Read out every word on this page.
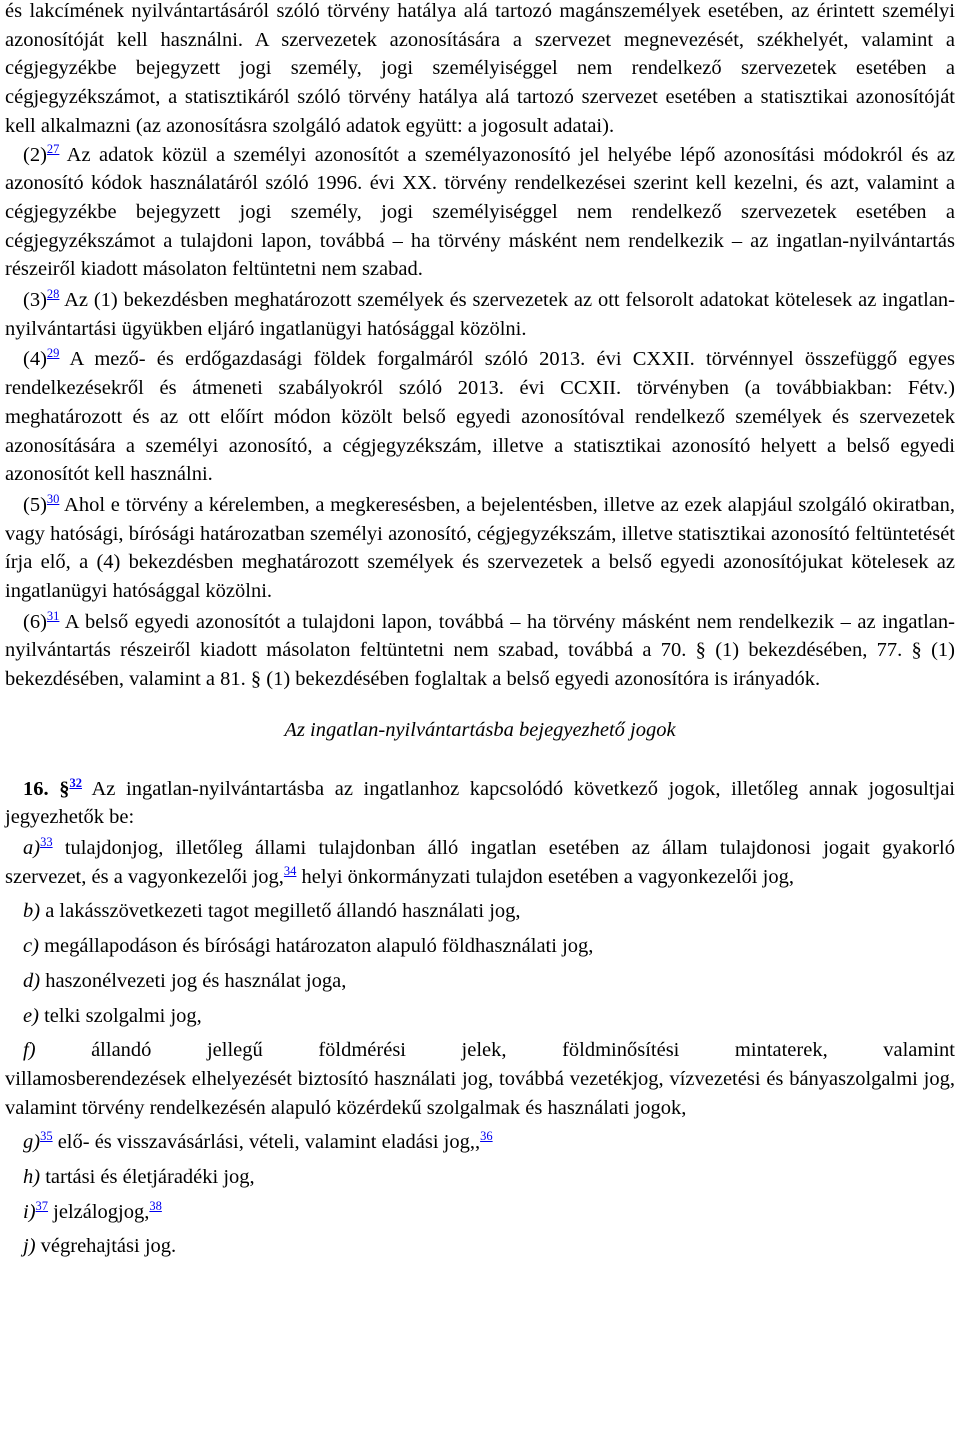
és lakcímének nyilvántartásáról szóló törvény hatálya alá tartozó magánszemélyek esetében, az érintett személyi azonosítóját kell használni. A szervezetek azonosítására a szervezet megnevezését, székhelyét, valamint a cégjegyzékbe bejegyzett jogi személy, jogi személyiséggel nem rendelkező szervezetek esetében a cégjegyzékszámot, a statisztikáról szóló törvény hatálya alá tartozó szervezet esetében a statisztikai azonosítóját kell alkalmazni (az azonosításra szolgáló adatok együtt: a jogosult adatai).

$(2)^{27}$ Az adatok közül a személyi azonosítót a személyazonosító jel helyébe lépő azonosítási módokról és az azonosító kódok használatáról szóló 1996. évi XX. törvény rendelkezései szerint kell kezelni, és azt, valamint a cégjegyzékbe bejegyzett jogi személy, jogi személyiséggel nem rendelkező szervezetek esetében a cégjegyzékszámot a tulajdoni lapon, továbbá – ha törvény másként nem rendelkezik – az ingatlan-nyilvántartás részeiről kiadott másolaton feltüntetni nem szabad.

$(3)^{28}$ Az (1) bekezdésben meghatározott személyek és szervezetek az ott felsorolt adatokat kötelesek az ingatlan-nyilvántartási ügyükben eljáró ingatlanügyi hatósággal közölni.

$(4)^{29}$ A mező- és erdőgazdasági földek forgalmáról szóló 2013. évi CXXII. törvénnyel összefüggő egyes rendelkezésekről és átmeneti szabályokról szóló 2013. évi CCXII. törvényben (a továbbiakban: Fétv.) meghatározott és az ott előírt módon közölt belső egyedi azonosítóval rendelkező személyek és szervezetek azonosítására a személyi azonosító, a cégjegyzékszám, illetve a statisztikai azonosító helyett a belső egyedi azonosítót kell használni.

$(5)^{30}$ Ahol e törvény a kérelemben, a megkeresésben, a bejelentésben, illetve az ezek alapjául szolgáló okiratban, vagy hatósági, bírósági határozatban személyi azonosító, cégjegyzékszám, illetve statisztikai azonosító feltüntetését írja elő, a (4) bekezdésben meghatározott személyek és szervezetek a belső egyedi azonosítójukat kötelesek az ingatlanügyi hatósággal közölni.

$(6)^{31}$ A belső egyedi azonosítót a tulajdoni lapon, továbbá – ha törvény másként nem rendelkezik – az ingatlan-nyilvántartás részeiről kiadott másolaton feltüntetni nem szabad, továbbá a 70. § (1) bekezdésében, 77. § (1) bekezdésében, valamint a 81. § (1) bekezdésében foglaltak a belső egyedi azonosítóra is irányadók.

Az ingatlan-nyilvántartásba bejegyezhető jogok

16. §$^{32}$ Az ingatlan-nyilvántartásba az ingatlanhoz kapcsolódó következő jogok, illetőleg annak jogosultjai jegyezhetők be:

a)$^{33}$ tulajdonjog, illetőleg állami tulajdonban álló ingatlan esetében az állam tulajdonosi jogait gyakorló szervezet, és a vagyonkezelői jog,$^{34}$ helyi önkormányzati tulajdon esetében a vagyonkezelői jog,

b) a lakásszövetkezeti tagot megillető állandó használati jog,

c) megállapodáson és bírósági határozaton alapuló földhasználati jog,

d) haszonélvezeti jog és használat joga,

e) telki szolgalmi jog,

f) állandó jellegű földmérési jelek, földminősítési mintaterek, valamint

villamosberendezések elhelyezését biztosító használati jog, továbbá vezetékjog, vízvezetési és bányaszolgalmi jog, valamint törvény rendelkezésén alapuló közérdekű szolgalmak és használati jogok,

g)$^{35}$ elő- és visszavásárlási, vételi, valamint eladási jog,,$^{36}$

h) tartási és életjáradéki jog,

i)$^{37}$ jelzálogjog,$^{38}$

j) végrehajtási jog.
